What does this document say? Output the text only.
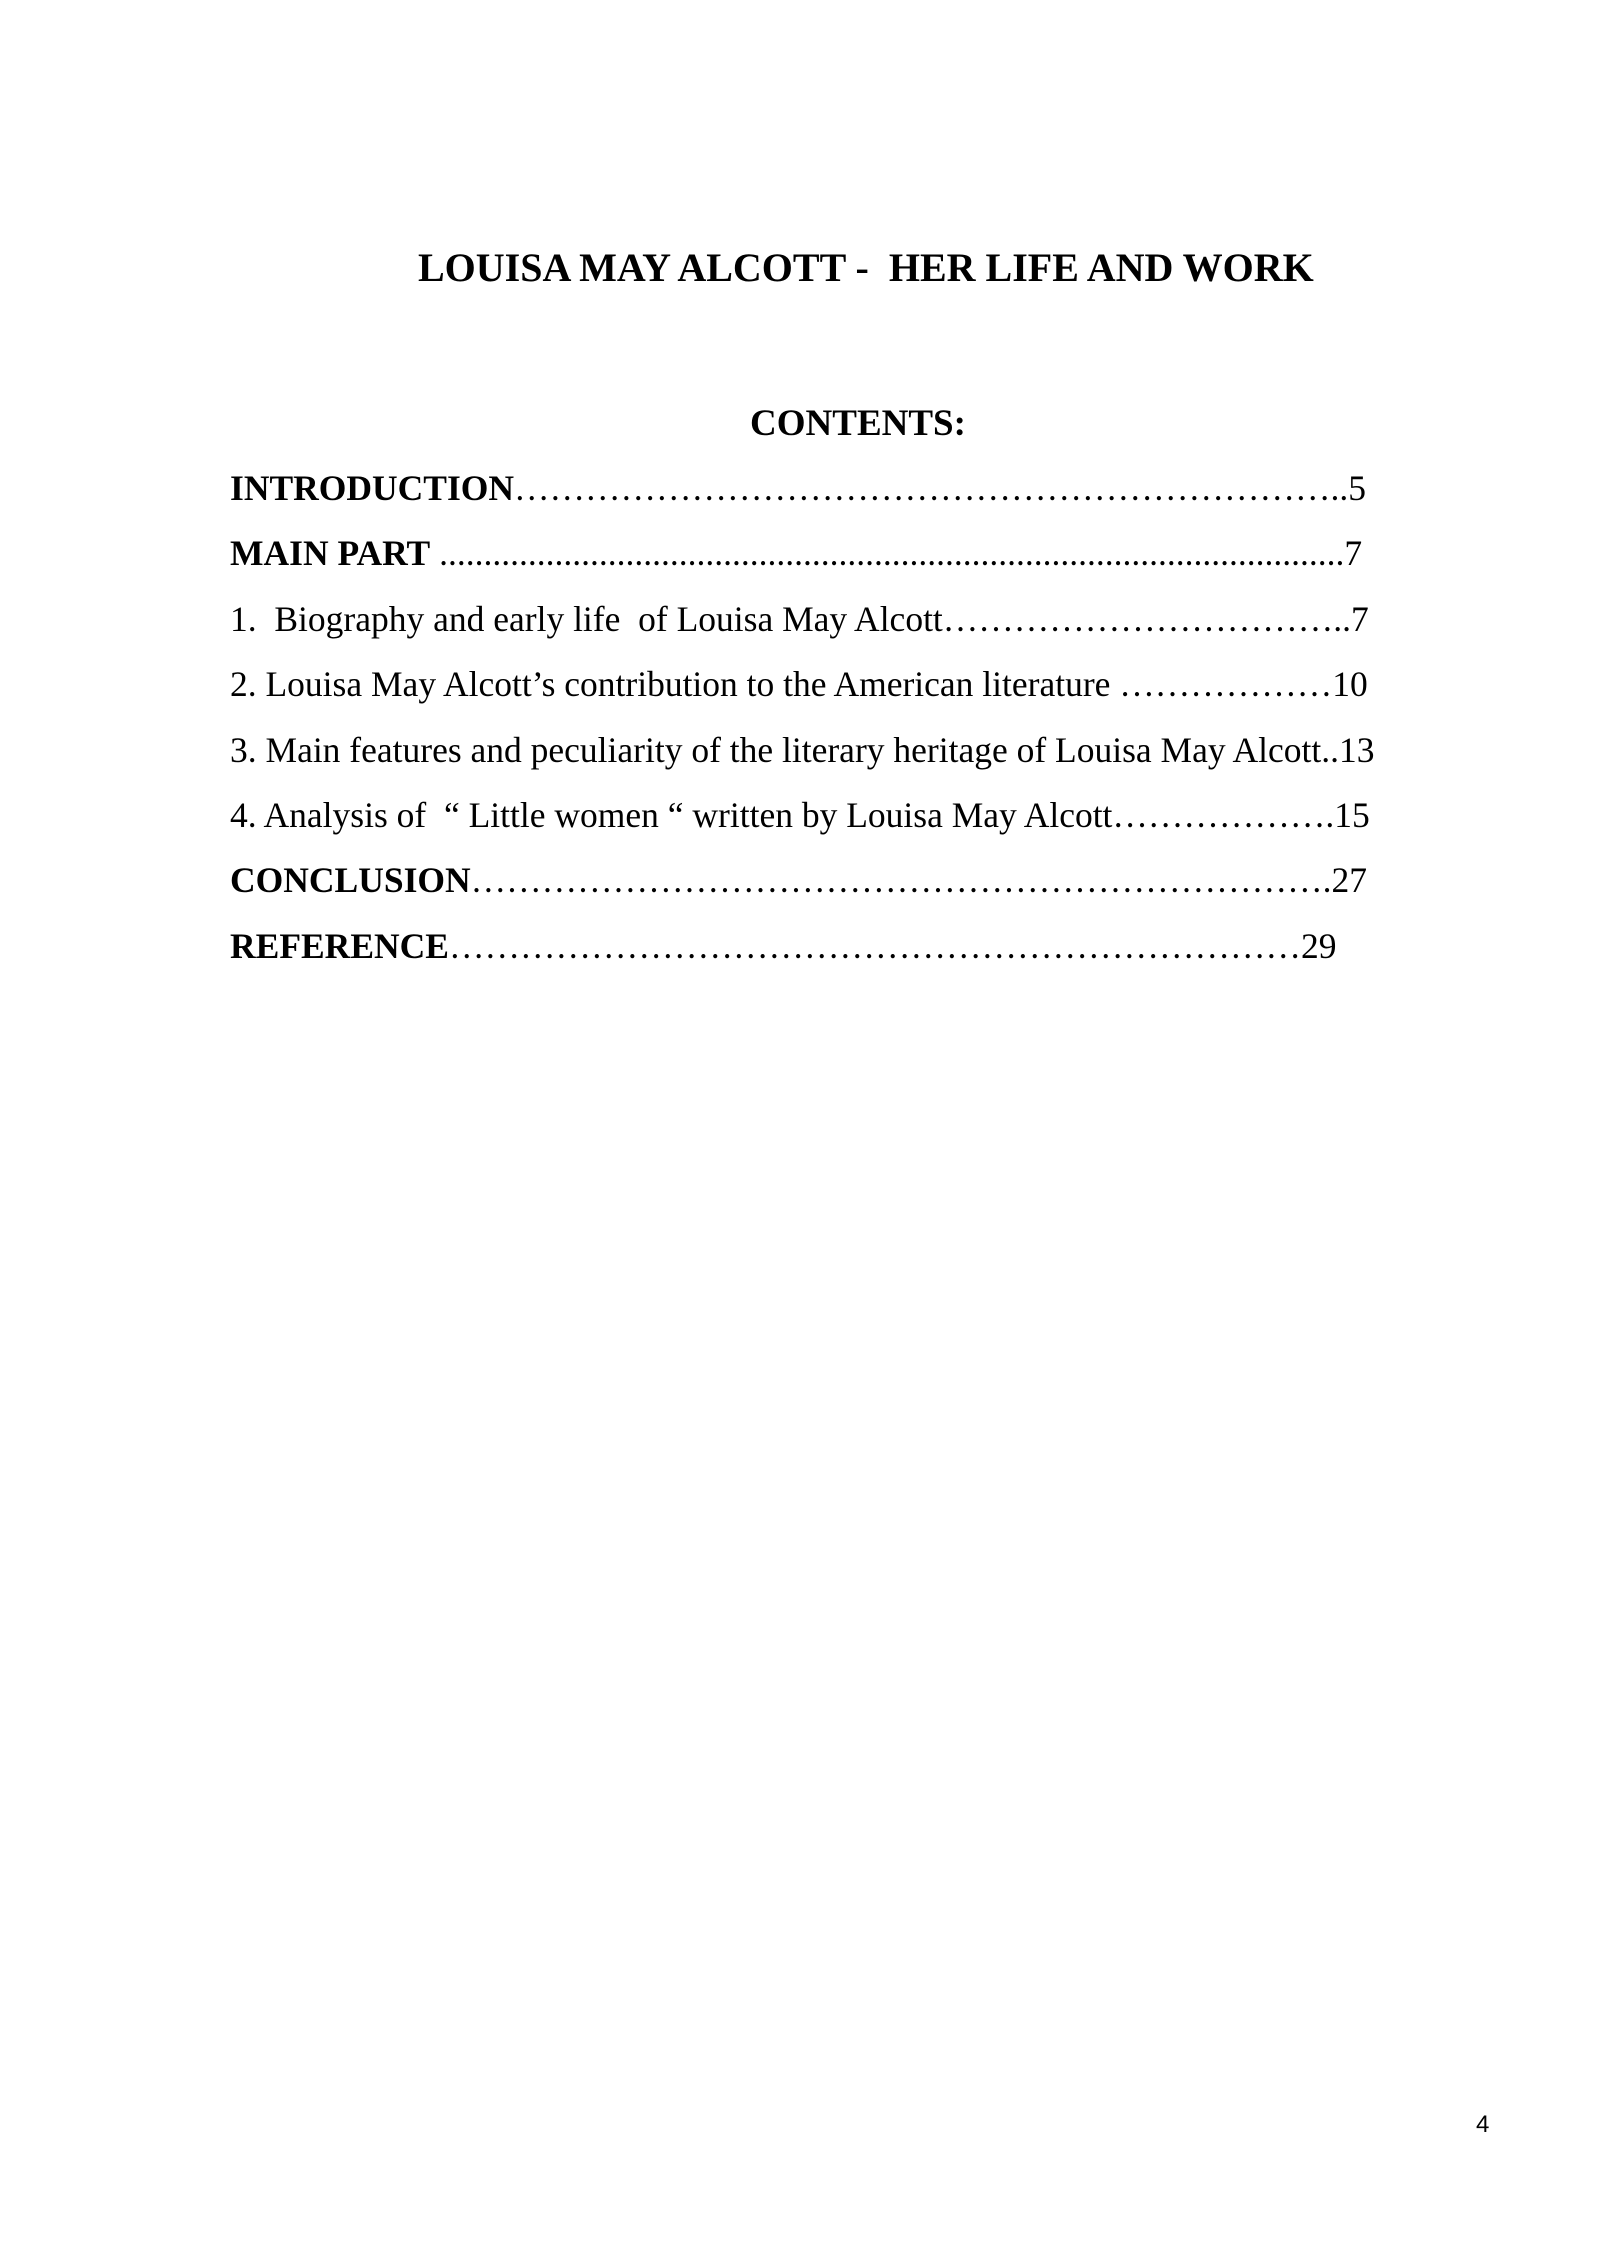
LOUISA MAY ALCOTT -  HER LIFE AND WORK
CONTENTS:
INTRODUCTION……………………………………………………………..5
MAIN PART ......................................................................................................7
1.  Biography and early life  of Louisa May Alcott……………………………..7
2. Louisa May Alcott’s contribution to the American literature ………………10
3. Main features and peculiarity of the literary heritage of Louisa May Alcott..13
4. Analysis of  “ Little women “ written by Louisa May Alcott……………….15
CONCLUSION……………………………………………………………….27
REFERENCE………………………………………………………………29
4
